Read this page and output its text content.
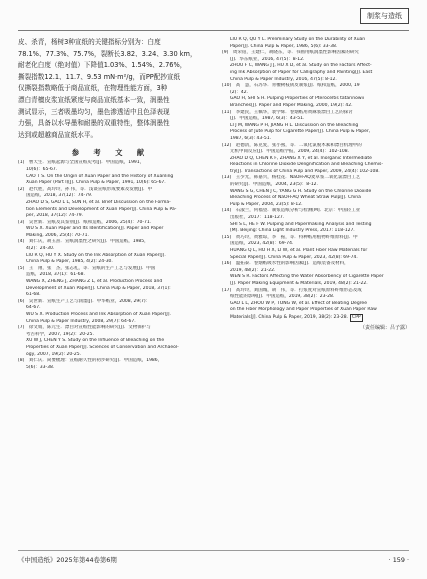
制浆与造纸
皮、杀青，杨树3种宣纸的关键指标分别为：白度
78.1%、77.3%、75.7%，裂断长3.82、3.24、3.30 km，
耐老化白度（绝对值）下降值1.03%、1.54%、2.76%，
撕裂指数12.1、11.7、9.53 mN·m²/g，而PP配抄宣纸
仅撕裂指数略低于商品宣纸，在物理性能方面，3种
漂白青檀皮浆宣纸紧度与商品宣纸基本一致，润墨性
测试显示，三者吸墨均匀，墨色渗透适中且色泽表现
力强，具备以水导墨和耐墨的双重特性，整体润墨性
达到或超越商品宣纸水平。
参 考 文 献
[1]　曹天生．宣纸起源与全国宣纸史考[J]．中国造纸，1991，
10(6)：65-67.
CAO T S. On the Origin of Xuan Paper and the History of Xuanling
Xuan Paper (Part I)[J]. China Pulp & Paper, 1991, 10(6): 65-67.
[2]　赵代胜，高玲玲，孙 伟，等．浅谈宣纸形成要素及发展[J]．中
国造纸，2018, 37(12)：74-79.
ZHAO D S, GAO L L, SUN H, et al. Brief Discussion on the Forma-
tion Elements and Development of Xuan Paper[J]. China Pulp & Pa-
per, 2018, 37(12): 74-79.
[3]　吴世新．宣纸及其鉴别[J]．纸和造纸，2006, 25(4)：70-71.
WU S X. Xuan Paper and Its Identification[J]. Paper and Paper
Making, 2006, 25(4): 70-71.
[4]　刘仁庆，胡玉熹．宣纸润墨性之研究[J]．中国造纸，1985，
4(2)：24-30.
LIU R Q, HU Y X. Study on the Ink Absorption of Xuan Paper[J].
China Pulp & Paper, 1985, 4(2): 24-30.
[5]　王　翔，张　杰，张志礼，等．宣纸的生产工艺与发展[J]．中国
造纸，2018, 37(1)：61-68.
WANG X, ZHENG J, ZHANG Z L, et al. Production Process and
Development of Xuan Paper[J]. China Pulp & Paper, 2018, 37(1):
61-68.
[6]　吴世新．宣纸生产工艺与润墨[J]．中华纸业，2008, 29(7)：
64-67.
WU S X. Production Process and Ink Absorption of Xuan Paper[J].
China Pulp & Paper Industry, 2008, 29(7): 64-67.
[7]　徐文娟，陈元生．漂白对宣纸性能影响的研究[J]．文物保护与
考古科学，2007, 19(2)：20-25.
XU W J, CHEN Y S. Study on the Influence of Bleaching on the
Properties of Xuan Paper[J]. Sciences of Conservation and Archaeol-
ogy, 2007, 19(2): 20-25.
[8]　刘仁庆．简要梳理：宣纸耐久性的初步研究[J]．中国造纸，1986，
5(6)：33-38.
LIU R Q, QU Y L. Preliminary Study on the Durability of Xuan
Paper[J]. China Pulp & Paper, 1986, 5(6): 33-38.
[9]　周荣铂，王建仁，胡晓东，等．书画用纸润墨性影响因素的研究
[J]．华东纸业，2016, 47(5)：8-12.
ZHOU F C, WANG J J, HU X D, et al. Study on the Factors Affect-
ing Ink Absorption of Paper for Calligraphy and Painting[J]. East
China Pulp & Paper Industry, 2016, 47(5): 8-12.
[10]　高　慧，石苏华．青檀树枝韧皮制浆[J]．纸和造纸，2000, 19
(2)：42.
GAO H, SHI S H. Pulping Properties of Pteroceltis tatarinowii
Branches[J]. Paper and Paper Making, 2000, 19(2): 42.
[11]　李建民，王佩华，裴学辉．卷烟纸用黄麻浆漂白工艺的探讨
[J]．中国造纸，1987, 6(3)：43-51.
LI J M, WANG P H, JIANG H L. Discussion on the Bleaching
Process of Jute Pulp for Cigarette Paper[J]. China Pulp & Paper,
1987, 6(3): 43-51.
[12]　赵德清，陈克复，张小燕，等．二氧化氯脱木素和漂白机理中的
无机中间反应[J]．中国造纸学报，2009, 24(4)：102-108.
ZHAO D Q, CHEN K F, ZHANG X Y, et al. Inorganic Intermediate
Reactions in Chlorine Dioxide Delignification and Bleaching Chemis-
try[J]. Transactions of China Pulp and Paper, 2009, 24(4): 102-108.
[13]　王少光，韩嘉兴，杨桂花．NaOH-AQ麦草浆二氧化氯漂白工艺
的研究[J]．中国造纸，2004, 23(5)：8-12.
WANG S G, CHEN J C, YANG G H. Study on the Chlorine Dioxide
Bleaching Process of NaOH-AQ Wheat Straw Pulp[J]. China
Pulp & Paper, 2004, 23(5): 8-12.
[14]　石淑兰，何福望．制浆造纸分析与检测[M]．北京：中国轻工业
出版社，2017：118-127.
SHI S L, HE F W. Pulping and Papermaking Analysis and Testing
[M]. Beijing: China Light Industry Press, 2017: 118-127.
[15]　黄巧玲，黄雅琼，李　振，等．特种纸用植物纤维原料[J]．中
国造纸，2023, 42(8)：69-74.
HUANG Q L, HO H X, LI W, et al. Plant Fiber Raw Materials for
Special Paper[J]. China Pulp & Paper, 2023, 42(8): 69-74.
[16]　温拓泰．卷烟纸吸水性的影响因素[J]．造纸装备及材料，
2019, 48(2)：21-22.
WEN S R. Factors Affecting the Water Absorbency of Cigarette Paper
[J]. Paper Making Equipment & Materials, 2019, 48(2): 21-22.
[17]　高玲玲，刘国城，胡　伟，等．打浆度对宣纸原料纤维形态及成
纸性能的影响[J]．中国造纸，2019, 38(2)：23-28.
GAO L L, ZHOU W P, TONG W, et al. Effect of Beating Degree
on the Fiber Morphology and Paper Properties of Xuan Paper Raw
Materials[J]. China Pulp & Paper, 2019, 38(2): 23-28. CPP
（责任编辑：吕子露）
《中国造纸》2025年第44卷第6期	· 159 ·
